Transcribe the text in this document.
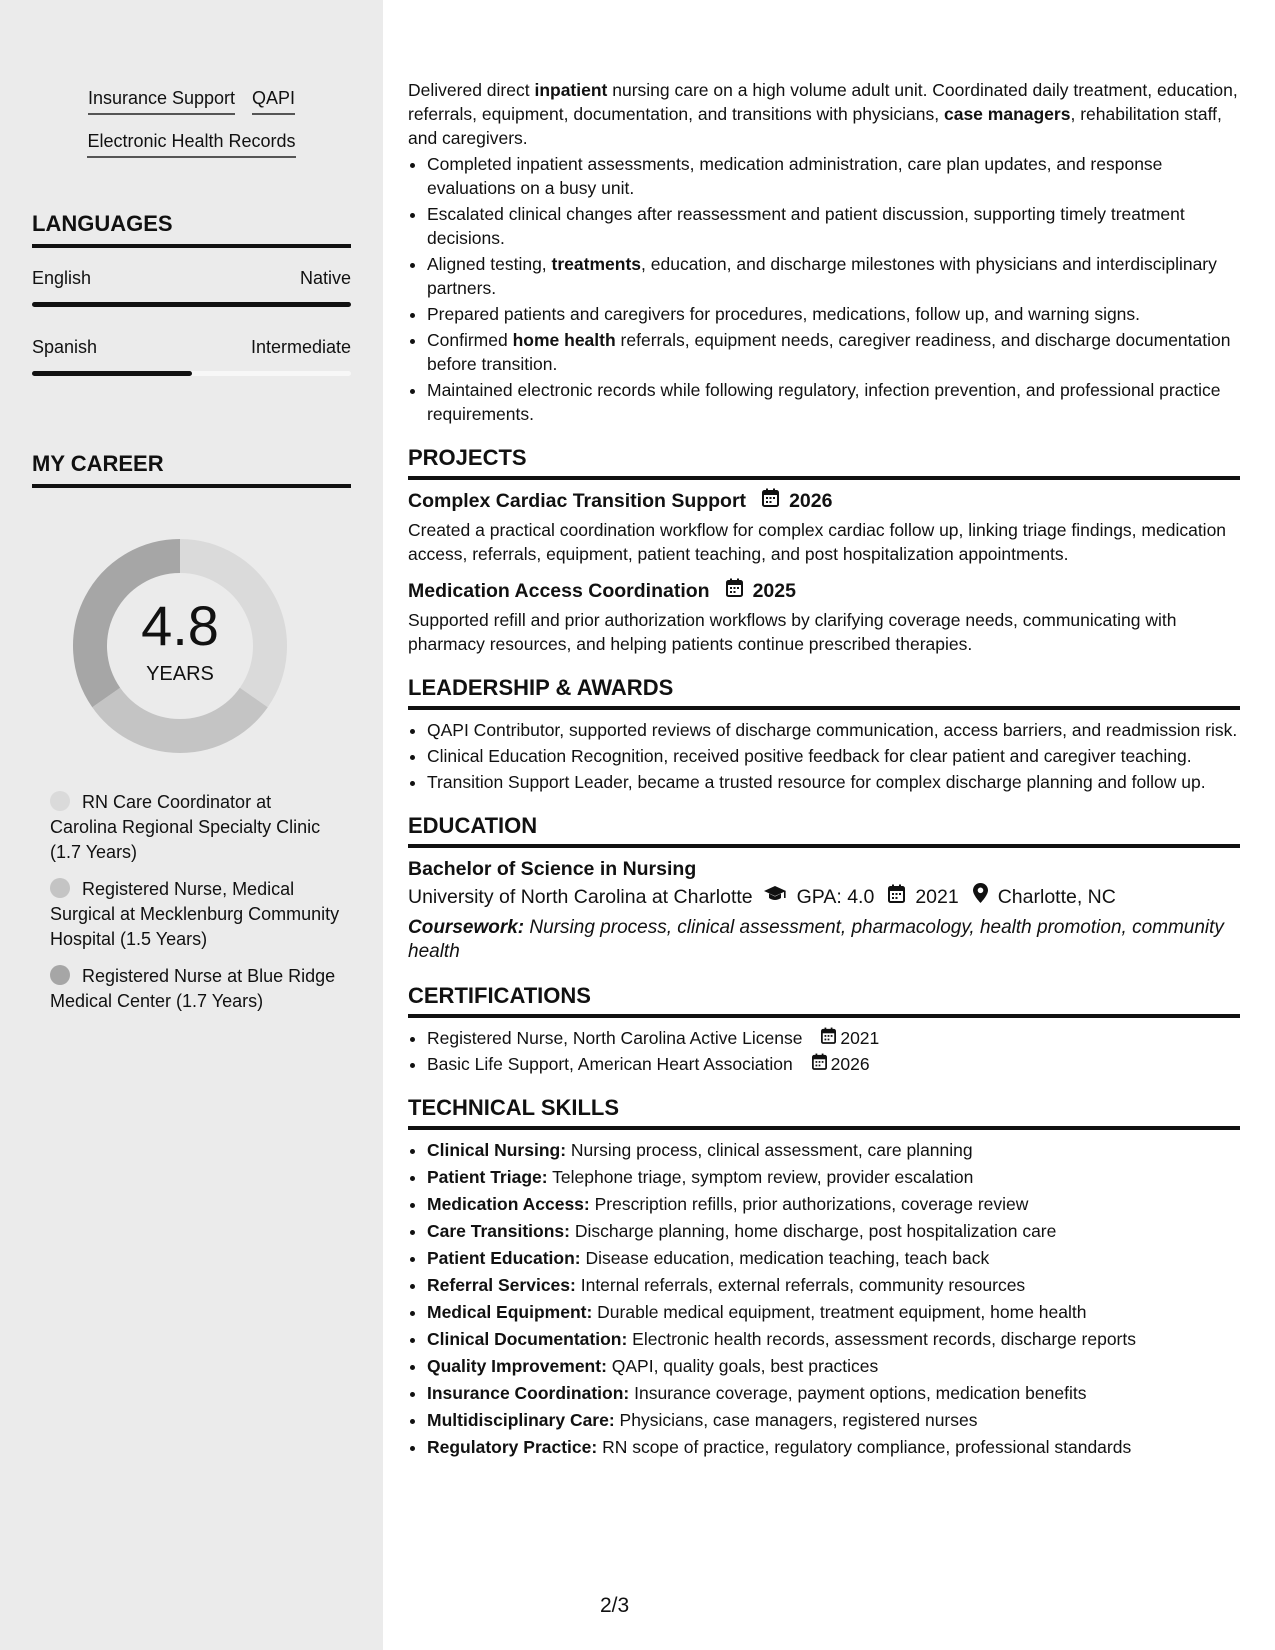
Insurance Support QAPI
Electronic Health Records
LANGUAGES
English	Native
Spanish	Intermediate
MY CAREER
4.8
YEARS
RN Care Coordinator at Carolina Regional Specialty Clinic (1.7 Years)
Registered Nurse, Medical Surgical at Mecklenburg Community Hospital (1.5 Years)
Registered Nurse at Blue Ridge Medical Center (1.7 Years)

Delivered direct inpatient nursing care on a high volume adult unit. Coordinated daily treatment, education, referrals, equipment, documentation, and transitions with physicians, case managers, rehabilitation staff, and caregivers.

• Completed inpatient assessments, medication administration, care plan updates, and response evaluations on a busy unit.
• Escalated clinical changes after reassessment and patient discussion, supporting timely treatment decisions.
• Aligned testing, treatments, education, and discharge milestones with physicians and interdisciplinary partners.
• Prepared patients and caregivers for procedures, medications, follow up, and warning signs.
• Confirmed home health referrals, equipment needs, caregiver readiness, and discharge documentation before transition.
• Maintained electronic records while following regulatory, infection prevention, and professional practice requirements.
PROJECTS
Complex Cardiac Transition Support 2026
Created a practical coordination workflow for complex cardiac follow up, linking triage findings, medication access, referrals, equipment, patient teaching, and post hospitalization appointments.
Medication Access Coordination 2025
Supported refill and prior authorization workflows by clarifying coverage needs, communicating with pharmacy resources, and helping patients continue prescribed therapies.
LEADERSHIP & AWARDS
• QAPI Contributor, supported reviews of discharge communication, access barriers, and readmission risk.
• Clinical Education Recognition, received positive feedback for clear patient and caregiver teaching.
• Transition Support Leader, became a trusted resource for complex discharge planning and follow up.
EDUCATION
Bachelor of Science in Nursing
University of North Carolina at Charlotte GPA: 4.0 2021 Charlotte, NC
Coursework: Nursing process, clinical assessment, pharmacology, health promotion, community health
CERTIFICATIONS
• Registered Nurse, North Carolina Active License 2021
• Basic Life Support, American Heart Association 2026
TECHNICAL SKILLS
• Clinical Nursing: Nursing process, clinical assessment, care planning
• Patient Triage: Telephone triage, symptom review, provider escalation
• Medication Access: Prescription refills, prior authorizations, coverage review
• Care Transitions: Discharge planning, home discharge, post hospitalization care
• Patient Education: Disease education, medication teaching, teach back
• Referral Services: Internal referrals, external referrals, community resources
• Medical Equipment: Durable medical equipment, treatment equipment, home health
• Clinical Documentation: Electronic health records, assessment records, discharge reports
• Quality Improvement: QAPI, quality goals, best practices
• Insurance Coordination: Insurance coverage, payment options, medication benefits
• Multidisciplinary Care: Physicians, case managers, registered nurses
• Regulatory Practice: RN scope of practice, regulatory compliance, professional standards
2/3
